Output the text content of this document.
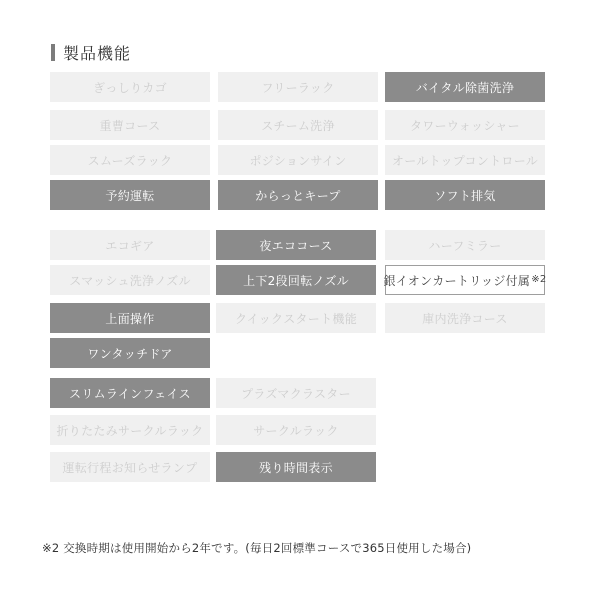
製品機能
ぎっしりカゴ	フリーラック	バイタル除菌洗浄
重曹コース	スチーム洗浄	タワーウォッシャー
スムーズラック	ポジションサイン	オールトップコントロール
予約運転	からっとキープ	ソフト排気
エコギア	夜エココース	ハーフミラー
スマッシュ洗浄ノズル	上下2段回転ノズル	銀イオンカートリッジ付属 ※2
上面操作	クイックスタート機能	庫内洗浄コース
ワンタッチドア
スリムラインフェイス	プラズマクラスター
折りたたみサークルラック	サークルラック
運転行程お知らせランプ	残り時間表示
※2 交換時期は使用開始から2年です。(毎日2回標準コースで365日使用した場合)
